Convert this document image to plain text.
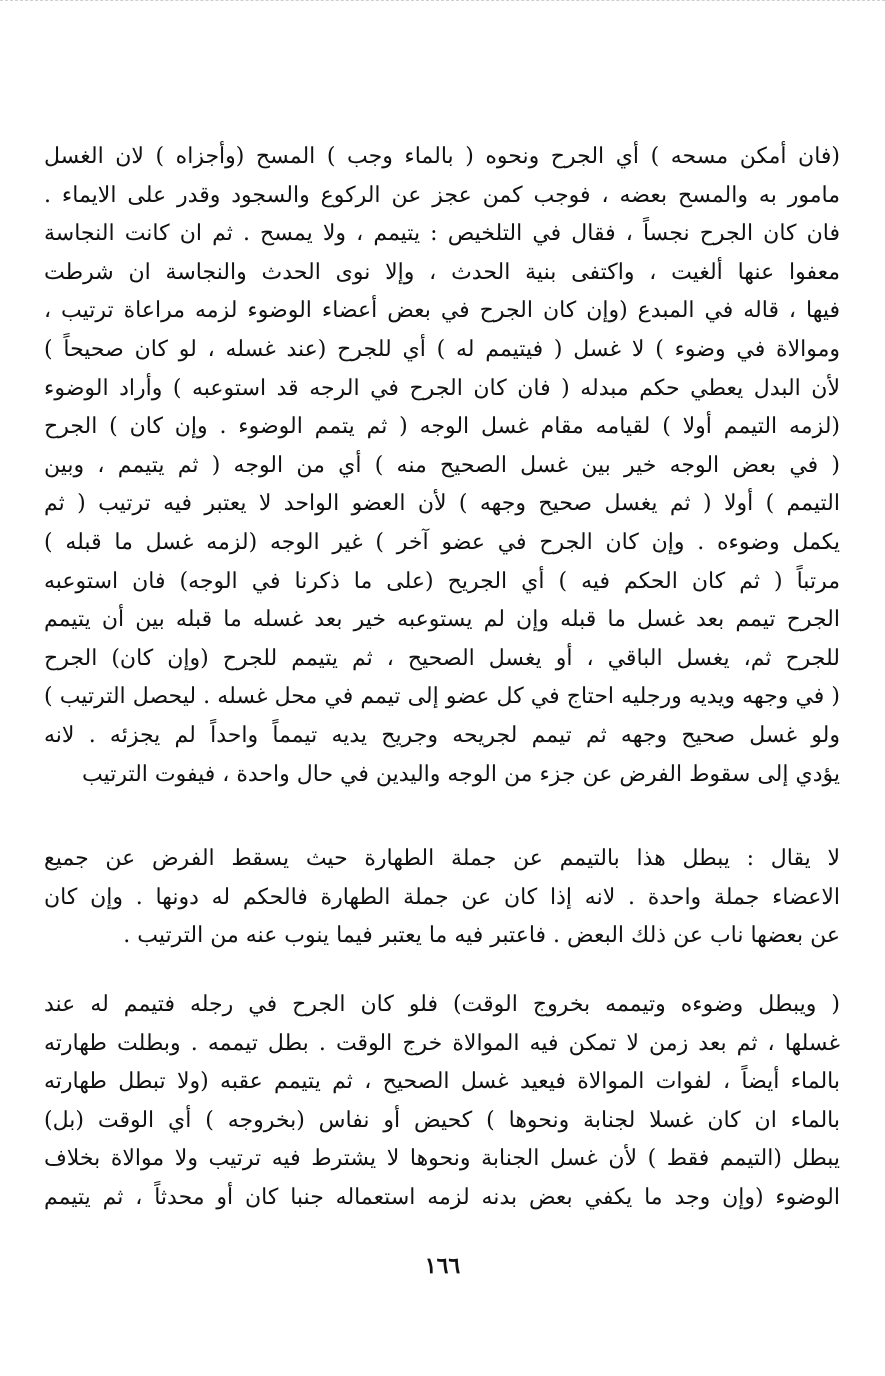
(فان أمكن مسحه ) أي الجرح ونحوه ( بالماء وجب ) المسح (وأجزاه ) لان الغسل
مامور به والمسح بعضه ، فوجب كمن عجز عن الركوع والسجود وقدر على الايماء .
فان كان الجرح نجساً ، فقال في التلخيص : يتيمم ، ولا يمسح . ثم ان كانت النجاسة
معفوا عنها ألغيت ، واكتفى بنية الحدث ، وإلا نوى الحدث والنجاسة ان شرطت
فيها ، قاله في المبدع (وإن كان الجرح في بعض أعضاء الوضوء لزمه مراعاة ترتيب ،
وموالاة في وضوء ) لا غسل ( فيتيمم له ) أي للجرح (عند غسله ، لو كان صحيحاً )
لأن البدل يعطي حكم مبدله ( فان كان الجرح في الرجه قد استوعبه ) وأراد الوضوء
(لزمه التيمم أولا ) لقيامه مقام غسل الوجه ( ثم يتمم الوضوء . وإن كان ) الجرح
( في بعض الوجه خير بين غسل الصحيح منه ) أي من الوجه ( ثم يتيمم ، وبين
التيمم ) أولا ( ثم يغسل صحيح وجهه ) لأن العضو الواحد لا يعتبر فيه ترتيب ( ثم
يكمل وضوءه . وإن كان الجرح في عضو آخر ) غير الوجه (لزمه غسل ما قبله )
مرتباً ( ثم كان الحكم فيه ) أي الجريح (على ما ذكرنا في الوجه) فان استوعبه
الجرح تيمم بعد غسل ما قبله وإن لم يستوعبه خير بعد غسله ما قبله بين أن يتيمم
للجرح ثم، يغسل الباقي ، أو يغسل الصحيح ، ثم يتيمم للجرح (وإن كان) الجرح
( في وجهه ويديه ورجليه احتاج في كل عضو إلى تيمم في محل غسله . ليحصل الترتيب )
ولو غسل صحيح وجهه ثم تيمم لجريحه وجريح يديه تيمماً واحداً لم يجزئه . لانه
يؤدي إلى سقوط الفرض عن جزء من الوجه واليدين في حال واحدة ، فيفوت الترتيب
لا يقال : يبطل هذا بالتيمم عن جملة الطهارة حيث يسقط الفرض عن جميع
الاعضاء جملة واحدة . لانه إذا كان عن جملة الطهارة فالحكم له دونها . وإن كان
عن بعضها ناب عن ذلك البعض . فاعتبر فيه ما يعتبر فيما ينوب عنه من الترتيب .
( ويبطل وضوءه وتيممه بخروج الوقت) فلو كان الجرح في رجله فتيمم له عند
غسلها ، ثم بعد زمن لا تمكن فيه الموالاة خرج الوقت . بطل تيممه . وبطلت طهارته
بالماء أيضاً ، لفوات الموالاة فيعيد غسل الصحيح ، ثم يتيمم عقبه (ولا تبطل طهارته
بالماء ان كان غسلا لجنابة ونحوها ) كحيض أو نفاس (بخروجه ) أي الوقت (بل)
يبطل (التيمم فقط ) لأن غسل الجنابة ونحوها لا يشترط فيه ترتيب ولا موالاة بخلاف
الوضوء (وإن وجد ما يكفي بعض بدنه لزمه استعماله جنبا كان أو محدثاً ، ثم يتيمم
١٦٦
